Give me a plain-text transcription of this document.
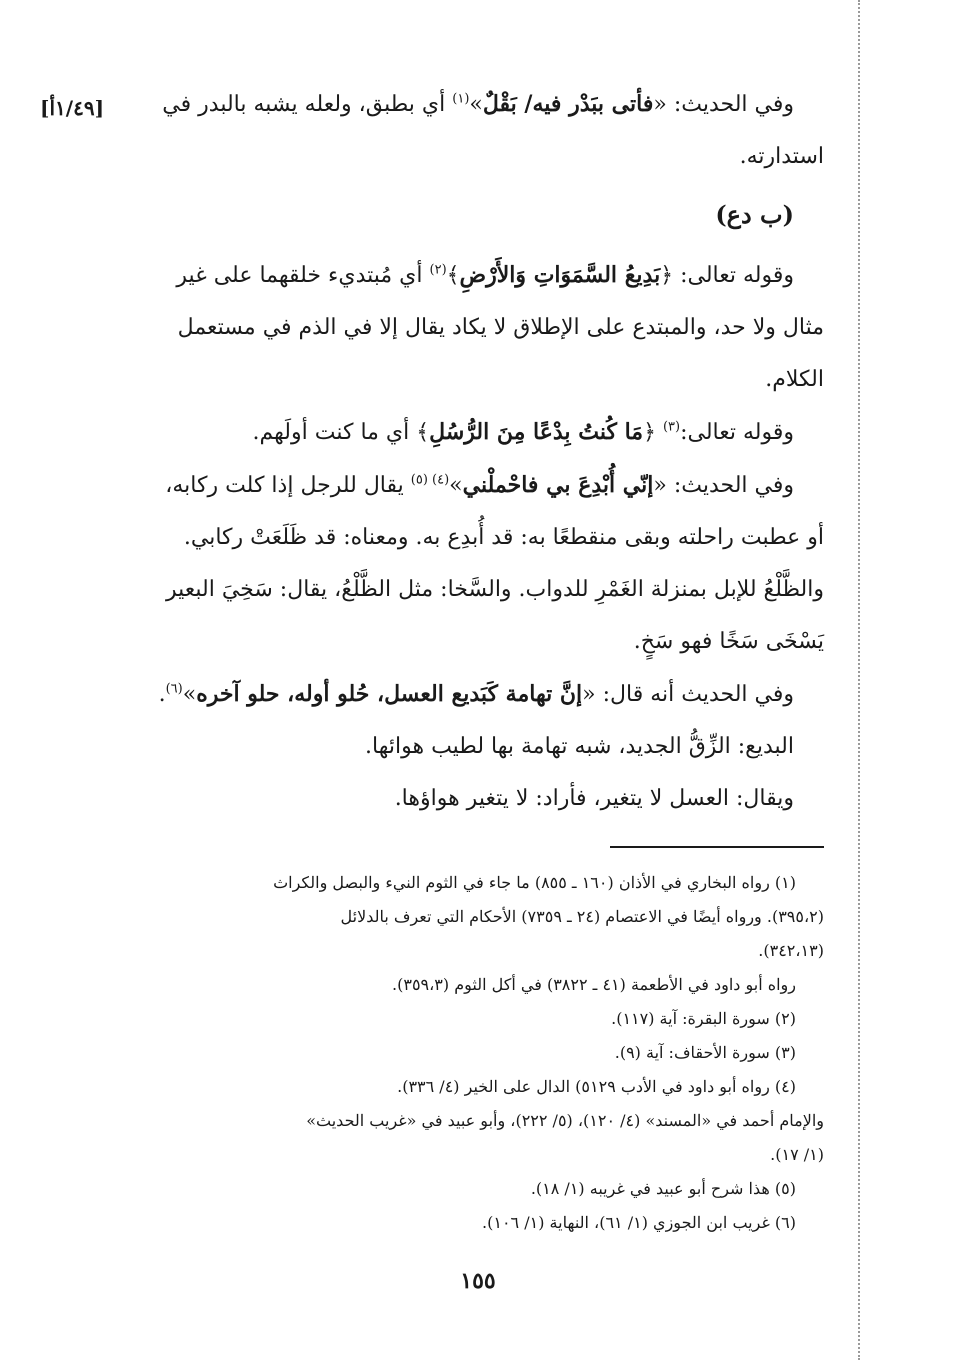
[١/٤٩أ]	وفي الحديث: «فأتى ببَدْر فيه/ بَقْلٌ»$^{(١)}$ أي بطبق، ولعله يشبه بالبدر في
استدارته.
(ب دع)
وقوله تعالى: ﴿بَدِيعُ السَّمَوَاتِ وَالأَرْضِ﴾$^{(٢)}$ أي مُبتديء خلقهما على غير
مثال ولا حد، والمبتدع على الإطلاق لا يكاد يقال إلا في الذم في مستعمل
الكلام.
وقوله تعالى:$^{(٣)}$ ﴿مَا كُنتُ بِدْعًا مِنَ الرُّسُلِ﴾ أي ما كنت أولَهم.
وفي الحديث: «إنّي أُبْدِعَ بي فاحْملْني»$^{(٤) (٥)}$ يقال للرجل إذا كلت ركابه،
أو عطبت راحلته وبقى منقطعًا به: قد أُبدِع به. ومعناه: قد ظَلَعَتْ ركابي.
والظَّلْعُ للإبل بمنزلة الغَمْرِ للدواب. والسَّخا: مثل الظَّلْعُ، يقال: سَخِيَ البعير
يَسْخَى سَخًا فهو سَخٍ.
وفي الحديث أنه قال: «إنَّ تهامة كَبَديع العسل، حُلو أوله، حلو آخره»$^{(٦)}$.
البديع: الزِّقُّ الجديد، شبه تهامة بها لطيب هوائها.
ويقال: العسل لا يتغير، فأراد: لا يتغير هواؤها.
(١) رواه البخاري في الأذان (١٦٠ ـ ٨٥٥) ما جاء في الثوم النيء والبصل والكراث
(٣٩٥،٢). ورواه أيضًا في الاعتصام (٢٤ ـ ٧٣٥٩) الأحكام التي تعرف بالدلائل
(٣٤٢،١٣).
رواه أبو داود في الأطعمة (٤١ ـ ٣٨٢٢) في أكل الثوم (٣٥٩،٣).
(٢) سورة البقرة: آية (١١٧).
(٣) سورة الأحقاف: آية (٩).
(٤) رواه أبو داود في الأدب ٥١٢٩) الدال على الخير (٤/ ٣٣٦).
والإمام أحمد في «المسند» (٤/ ١٢٠)، (٥/ ٢٢٢)، وأبو عبيد في «غريب الحديث»
(١/ ١٧).
(٥) هذا شرح أبو عبيد في غريبه (١/ ١٨).
(٦) غريب ابن الجوزي (١/ ٦١)، النهاية (١/ ١٠٦).
١٥٥
